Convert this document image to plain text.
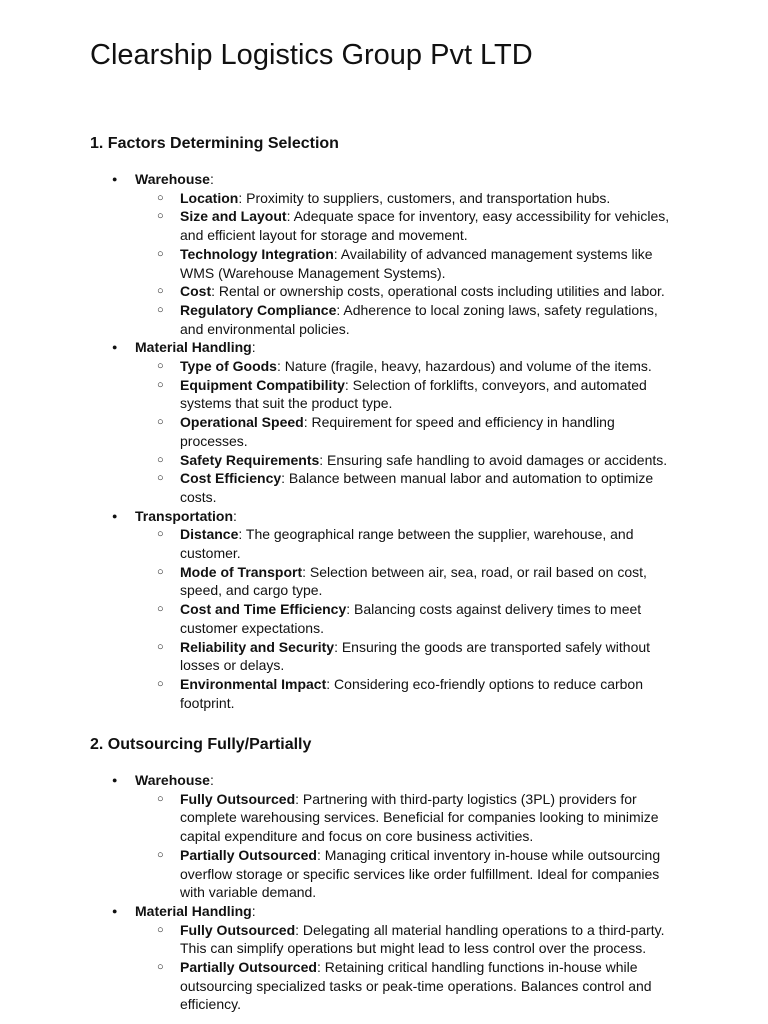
Clearship Logistics Group Pvt LTD
1. Factors Determining Selection
● Warehouse:
○ Location: Proximity to suppliers, customers, and transportation hubs.
○ Size and Layout: Adequate space for inventory, easy accessibility for vehicles, and efficient layout for storage and movement.
○ Technology Integration: Availability of advanced management systems like WMS (Warehouse Management Systems).
○ Cost: Rental or ownership costs, operational costs including utilities and labor.
○ Regulatory Compliance: Adherence to local zoning laws, safety regulations, and environmental policies.
● Material Handling:
○ Type of Goods: Nature (fragile, heavy, hazardous) and volume of the items.
○ Equipment Compatibility: Selection of forklifts, conveyors, and automated systems that suit the product type.
○ Operational Speed: Requirement for speed and efficiency in handling processes.
○ Safety Requirements: Ensuring safe handling to avoid damages or accidents.
○ Cost Efficiency: Balance between manual labor and automation to optimize costs.
● Transportation:
○ Distance: The geographical range between the supplier, warehouse, and customer.
○ Mode of Transport: Selection between air, sea, road, or rail based on cost, speed, and cargo type.
○ Cost and Time Efficiency: Balancing costs against delivery times to meet customer expectations.
○ Reliability and Security: Ensuring the goods are transported safely without losses or delays.
○ Environmental Impact: Considering eco-friendly options to reduce carbon footprint.
2. Outsourcing Fully/Partially
● Warehouse:
○ Fully Outsourced: Partnering with third-party logistics (3PL) providers for complete warehousing services. Beneficial for companies looking to minimize capital expenditure and focus on core business activities.
○ Partially Outsourced: Managing critical inventory in-house while outsourcing overflow storage or specific services like order fulfillment. Ideal for companies with variable demand.
● Material Handling:
○ Fully Outsourced: Delegating all material handling operations to a third-party. This can simplify operations but might lead to less control over the process.
○ Partially Outsourced: Retaining critical handling functions in-house while outsourcing specialized tasks or peak-time operations. Balances control and efficiency.
